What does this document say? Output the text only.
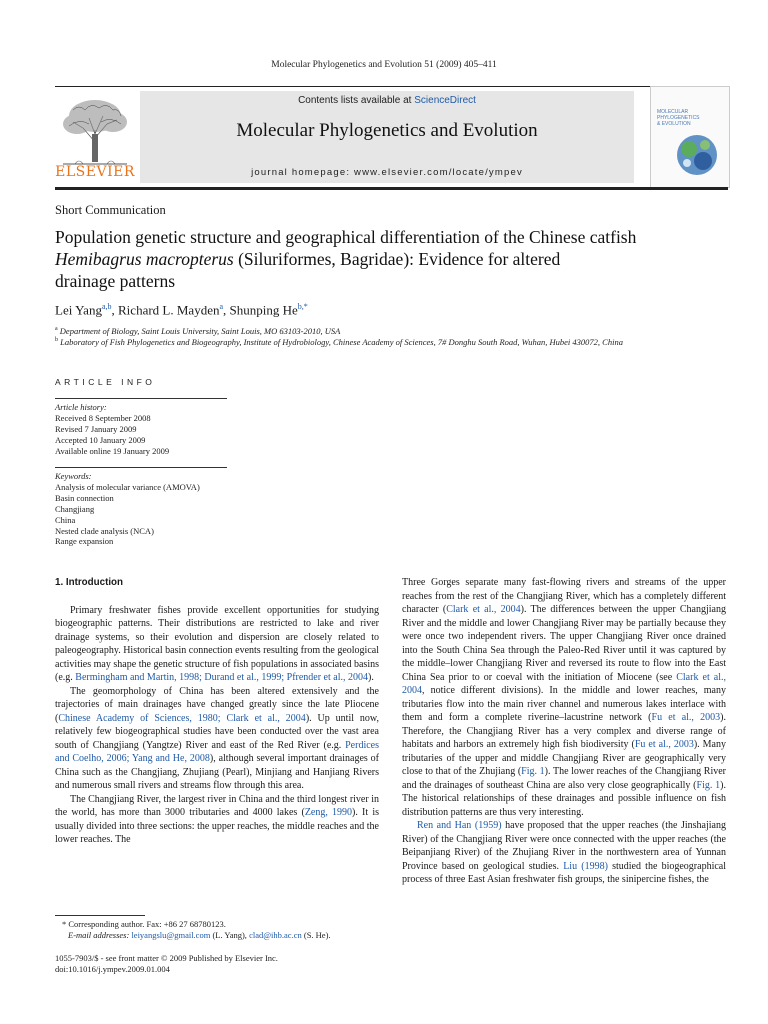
Molecular Phylogenetics and Evolution 51 (2009) 405–411
ELSEVIER
Contents lists available at ScienceDirect
Molecular Phylogenetics and Evolution
journal homepage: www.elsevier.com/locate/ympev
MOLECULAR
PHYLOGENETICS
& EVOLUTION
Short Communication
Population genetic structure and geographical differentiation of the Chinese catfish
Hemibagrus macropterus (Siluriformes, Bagridae): Evidence for altered
drainage patterns
Lei Yang$^{a,b}$, Richard L. Mayden$^a$, Shunping $He^{b,*}$
$^a$ Department of Biology, Saint Louis University, Saint Louis, MO 63103-2010, USA
$^b$ Laboratory of Fish Phylogenetics and Biogeography, Institute of Hydrobiology, Chinese Academy of Sciences, 7# Donghu South Road, Wuhan, Hubei 430072, China
ARTICLE INFO
Article history:
Received 8 September 2008
Revised 7 January 2009
Accepted 10 January 2009
Available online 19 January 2009
Keywords:
Analysis of molecular variance (AMOVA)
Basin connection
Changjiang
China
Nested clade analysis (NCA)
Range expansion
1. Introduction

Primary freshwater fishes provide excellent opportunities for studying biogeographic patterns. Their distributions are restricted to lake and river drainage systems, so their evolution and dispersion are closely related to paleogeography. Historical basin connection events resulting from the geological activities may shape the genetic structure of fish populations in associated basins (e.g. Bermingham and Martin, 1998; Durand et al., 1999; Pfrender et al., 2004).

The geomorphology of China has been altered extensively and the trajectories of main drainages have changed greatly since the late Pliocene (Chinese Academy of Sciences, 1980; Clark et al., 2004). Up until now, relatively few biogeographical studies have been conducted over the vast area south of Changjiang (Yangtze) River and east of the Red River (e.g. Perdices and Coelho, 2006; Yang and He, 2008), although several important drainages of China such as the Changjiang, Zhujiang (Pearl), Minjiang and Hanjiang Rivers and numerous small rivers and streams flow through this area.

The Changjiang River, the largest river in China and the third longest river in the world, has more than 3000 tributaries and 4000 lakes (Zeng, 1990). It is usually divided into three sections: the upper reaches, the middle reaches and the lower reaches. The

Three Gorges separate many fast-flowing rivers and streams of the upper reaches from the rest of the Changjiang River, which has a completely different character (Clark et al., 2004). The differences between the upper Changjiang River and the middle and lower Changjiang River may be partially because they were once two independent rivers. The upper Changjiang River once drained into the South China Sea through the Paleo-Red River until it was captured by the middle–lower Changjiang River and reversed its route to flow into the East China Sea prior to or coeval with the initiation of Miocene (see Clark et al., 2004, notice different divisions). In the middle and lower reaches, many tributaries flow into the main river channel and numerous lakes interlace with them and form a complete riverine–lacustrine network (Fu et al., 2003). Therefore, the Changjiang River has a very complex and diverse range of habitats and harbors an extremely high fish biodiversity (Fu et al., 2003). Many tributaries of the upper and middle Changjiang River are geographically very close to that of the Zhujiang (Fig. 1). The lower reaches of the Changjiang River and the drainages of southeast China are also very close geographically (Fig. 1). The historical relationships of these drainages and possible influence on fish distribution patterns are thus very interesting.

Ren and Han (1959) have proposed that the upper reaches (the Jinshajiang River) of the Changjiang River were once connected with the upper reaches (the Beipanjiang River) of the Zhujiang River in the northwestern area of Yunnan Province based on geological studies. Liu (1998) studied the biogeographical process of three East Asian freshwater fish groups, the sinipercine fishes, the

* Corresponding author. Fax: +86 27 68780123.
E-mail addresses: leiyangslu@gmail.com (L. Yang), clad@ihb.ac.cn (S. He).
1055-7903/$ - see front matter © 2009 Published by Elsevier Inc.
doi:10.1016/j.ympev.2009.01.004
